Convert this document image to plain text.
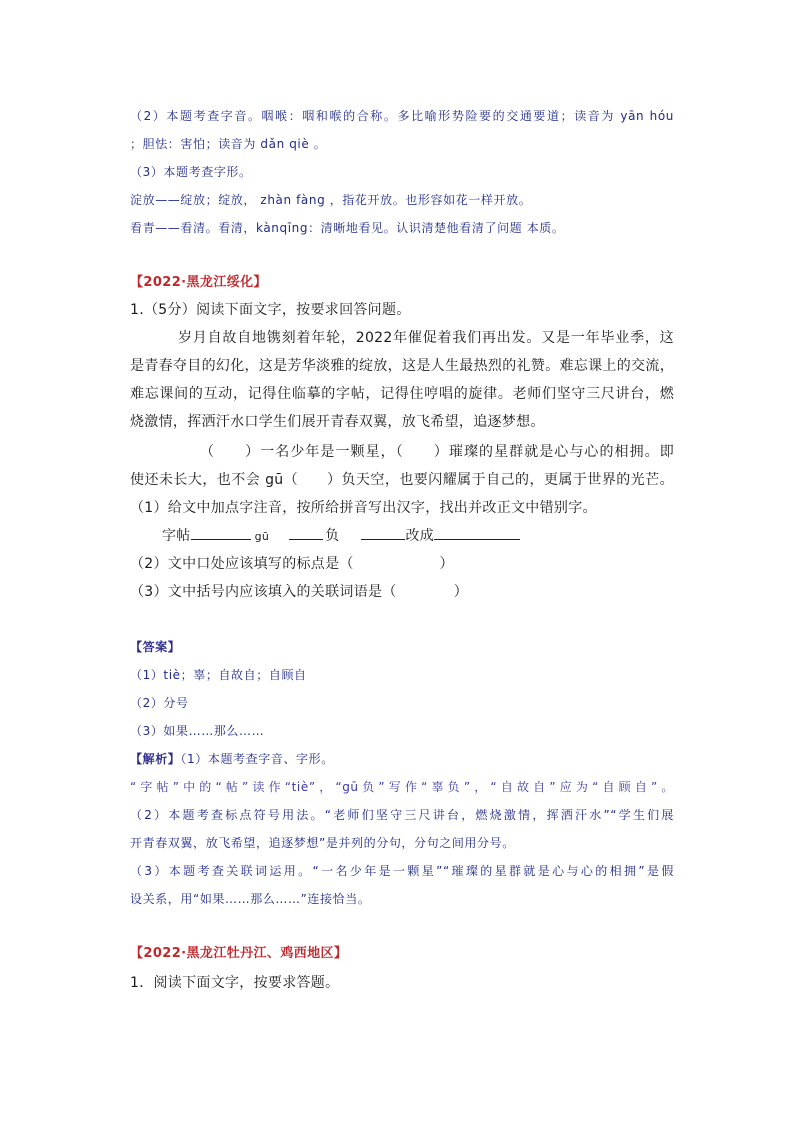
（2）本题考查字音。咽喉：咽和喉的合称。多比喻形势险要的交通要道；读音为 yān hóu
；胆怯：害怕；读音为 dǎn qiè 。
（3）本题考查字形。
淀放——绽放；绽放， zhàn fàng ，指花开放。也形容如花一样开放。
看青——看清。看清，kànqīng：清晰地看见。认识清楚他看清了问题 本质。
【2022·黑龙江绥化】
1.（5分）阅读下面文字，按要求回答问题。
岁月自故自地镌刻着年轮，2022年催促着我们再出发。又是一年毕业季，这
是青春夺目的幻化，这是芳华淡雅的绽放，这是人生最热烈的礼赞。难忘课上的交流，
难忘课间的互动，记得住临摹的字帖，记得住哼唱的旋律。老师们坚守三尺讲台，燃
烧激情，挥洒汗水口学生们展开青春双翼，放飞希望，追逐梦想。
（　　）一名少年是一颗星，（　　）璀璨的星群就是心与心的相拥。即
使还未长大，也不会 gū（　　）负天空，也要闪耀属于自己的，更属于世界的光芒。
（1）给文中加点字注音，按所给拼音写出汉字，找出并改正文中错别字。
字帖	gū	负	改成
（2）文中口处应该填写的标点是（　　　　　　）
（3）文中括号内应该填入的关联词语是（　　　　）
【答案】
（1）tiè；辜；自故自；自顾自
（2）分号
（3）如果……那么……
【解析】（1）本题考查字音、字形。
“字帖”中的“帖”读作“tiè”，“gū负”写作“辜负”，“自故自”应为“自顾自”。
（2）本题考查标点符号用法。“老师们坚守三尺讲台，燃烧激情，挥洒汗水”“学生们展
开青春双翼，放飞希望，追逐梦想”是并列的分句，分句之间用分号。
（3）本题考查关联词运用。“一名少年是一颗星”“璀璨的星群就是心与心的相拥”是假
设关系，用“如果……那么……”连接恰当。
【2022·黑龙江牡丹江、鸡西地区】
1．阅读下面文字，按要求答题。
